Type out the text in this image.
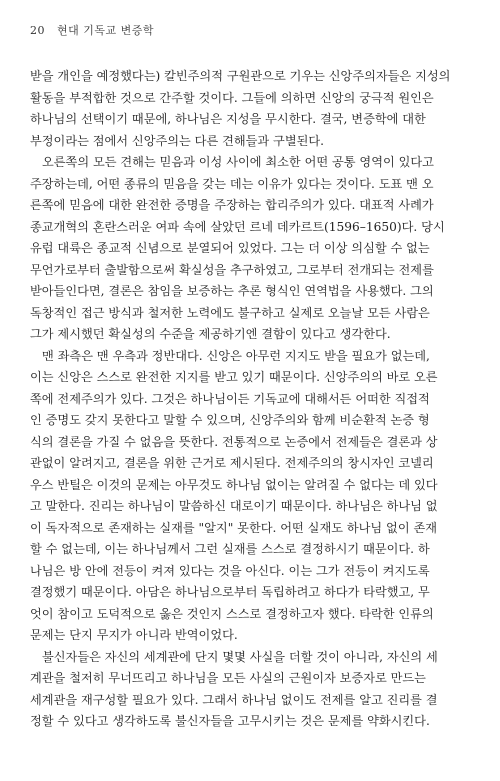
20 현대 기독교 변증학
받을 개인을 예정했다는) 칼빈주의적 구원관으로 기우는 신앙주의자들은 지성의
활동을 부적합한 것으로 간주할 것이다. 그들에 의하면 신앙의 궁극적 원인은
하나님의 선택이기 때문에, 하나님은 지성을 무시한다. 결국, 변증학에 대한
부정이라는 점에서 신앙주의는 다른 견해들과 구별된다.
오른쪽의 모든 견해는 믿음과 이성 사이에 최소한 어떤 공통 영역이 있다고
주장하는데, 어떤 종류의 믿음을 갖는 데는 이유가 있다는 것이다. 도표 맨 오
른쪽에 믿음에 대한 완전한 증명을 주장하는 합리주의가 있다. 대표적 사례가
종교개혁의 혼란스러운 여파 속에 살았던 르네 데카르트(1596–1650)다. 당시
유럽 대륙은 종교적 신념으로 분열되어 있었다. 그는 더 이상 의심할 수 없는
무언가로부터 출발함으로써 확실성을 추구하였고, 그로부터 전개되는 전제를
받아들인다면, 결론은 참임을 보증하는 추론 형식인 연역법을 사용했다. 그의
독창적인 접근 방식과 철저한 노력에도 불구하고 실제로 오늘날 모든 사람은
그가 제시했던 확실성의 수준을 제공하기엔 결함이 있다고 생각한다.
맨 좌측은 맨 우측과 정반대다. 신앙은 아무런 지지도 받을 필요가 없는데,
이는 신앙은 스스로 완전한 지지를 받고 있기 때문이다. 신앙주의의 바로 오른
쪽에 전제주의가 있다. 그것은 하나님이든 기독교에 대해서든 어떠한 직접적
인 증명도 갖지 못한다고 말할 수 있으며, 신앙주의와 함께 비순환적 논증 형
식의 결론을 가질 수 없음을 뜻한다. 전통적으로 논증에서 전제들은 결론과 상
관없이 알려지고, 결론을 위한 근거로 제시된다. 전제주의의 창시자인 코넬리
우스 반틸은 이것의 문제는 아무것도 하나님 없이는 알려질 수 없다는 데 있다
고 말한다. 진리는 하나님이 말씀하신 대로이기 때문이다. 하나님은 하나님 없
이 독자적으로 존재하는 실재를 "알지" 못한다. 어떤 실재도 하나님 없이 존재
할 수 없는데, 이는 하나님께서 그런 실재를 스스로 결정하시기 때문이다. 하
나님은 방 안에 전등이 켜져 있다는 것을 아신다. 이는 그가 전등이 켜지도록
결정했기 때문이다. 아담은 하나님으로부터 독립하려고 하다가 타락했고, 무
엇이 참이고 도덕적으로 옳은 것인지 스스로 결정하고자 했다. 타락한 인류의
문제는 단지 무지가 아니라 반역이었다.
불신자들은 자신의 세계관에 단지 몇몇 사실을 더할 것이 아니라, 자신의 세
계관을 철저히 무너뜨리고 하나님을 모든 사실의 근원이자 보증자로 만드는
세계관을 재구성할 필요가 있다. 그래서 하나님 없이도 전제를 알고 진리를 결
정할 수 있다고 생각하도록 불신자들을 고무시키는 것은 문제를 약화시킨다.
